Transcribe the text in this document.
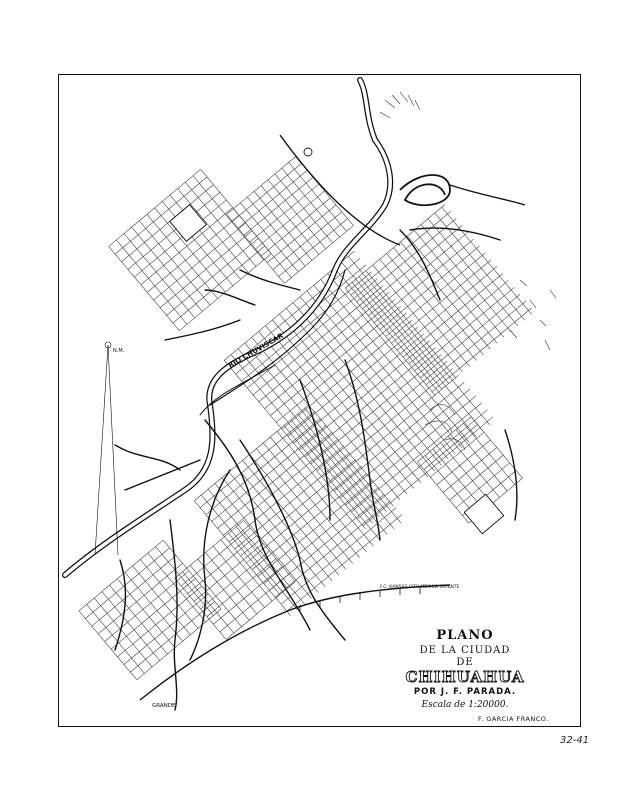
N.M.
F.C. KANSAS CITY MEXICO ORIENTE
RIO CHUVISCAR
GRANDE
PLANO
DE LA CIUDAD
DE
CHIHUAHUA
POR J. F. PARADA.
Escala de 1:20000.
F. GARCIA FRANCO.
32-41
